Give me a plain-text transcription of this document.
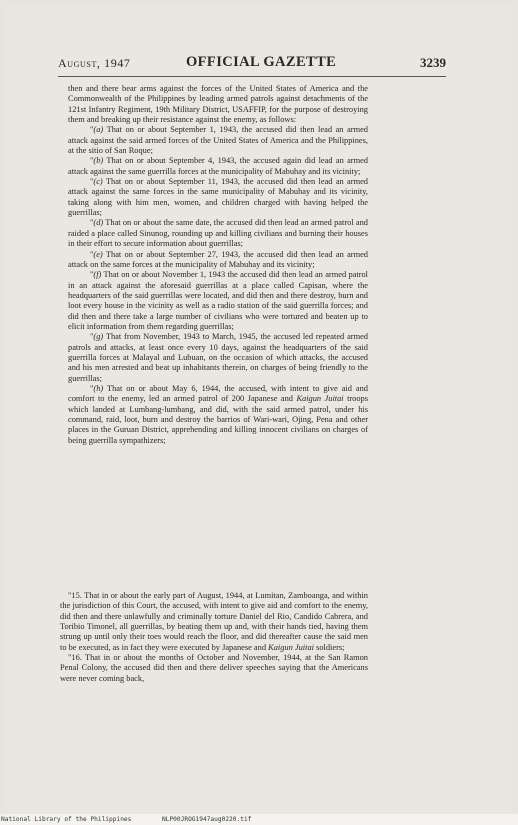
August, 1947	OFFICIAL GAZETTE	3239

then and there bear arms against the forces of the United States of America and the Commonwealth of the Philippines by leading armed patrols against detachments of the 121st Infantry Regiment, 19th Military District, USAFFIP, for the purpose of destroying them and breaking up their resistance against the enemy, as follows:

"(a) That on or about September 1, 1943, the accused did then lead an armed attack against the said armed forces of the United States of America and the Philippines, at the sitio of San Roque;

"(b) That on or about September 4, 1943, the accused again did lead an armed attack against the same guerrilla forces at the municipality of Mabuhay and its vicinity;

"(c) That on or about September 11, 1943, the accused did then lead an armed attack against the same forces in the same municipality of Mabuhay and its vicinity, taking along with him men, women, and children charged with having helped the guerrillas;

"(d) That on or about the same date, the accused did then lead an armed patrol and raided a place called Sinunog, rounding up and killing civilians and burning their houses in their effort to secure information about guerrillas;

"(e) That on or about September 27, 1943, the accused did then lead an armed attack on the same forces at the municipality of Mabuhay and its vicinity;

"(f) That on or about November 1, 1943 the accused did then lead an armed patrol in an attack against the aforesaid guerrillas at a place called Capisan, where the headquarters of the said guerrillas were located, and did then and there destroy, burn and loot every house in the vicinity as well as a radio station of the said guerrilla forces; and did then and there take a large number of civilians who were tortured and beaten up to elicit information from them regarding guerrillas;

"(g) That from November, 1943 to March, 1945, the accused led repeated armed patrols and attacks, at least once every 10 days, against the headquarters of the said guerrilla forces at Malayal and Lubuan, on the occasion of which attacks, the accused and his men arrested and beat up inhabitants therein, on charges of being friendly to the guerrillas;

"(h) That on or about May 6, 1944, the accused, with intent to give aid and comfort to the enemy, led an armed patrol of 200 Japanese and Kaigun Juitai troops which landed at Lumbang-lumbang, and did, with the said armed patrol, under his command, raid, loot, burn and destroy the barrios of Wari-wari, Ojing, Pena and other places in the Guruan District, apprehending and killing innocent civilians on charges of being guerrilla sympathizers;

"15. That in or about the early part of August, 1944, at Lumitan, Zamboanga, and within the jurisdiction of this Court, the accused, with intent to give aid and comfort to the enemy, did then and there unlawfully and criminally torture Daniel del Rio, Candido Cabrera, and Toribio Timonel, all guerrillas, by beating them up and, with their hands tied, having them strung up until only their toes would reach the floor, and did thereafter cause the said men to be executed, as in fact they were executed by Japanese and Kaigun Juitai soldiers;

"16. That in or about the months of October and November, 1944, at the San Ramon Penal Colony, the accused did then and there deliver speeches saying that the Americans were never coming back,

National Library of the Philippines	NLP00JROG1947aug0220.tif
